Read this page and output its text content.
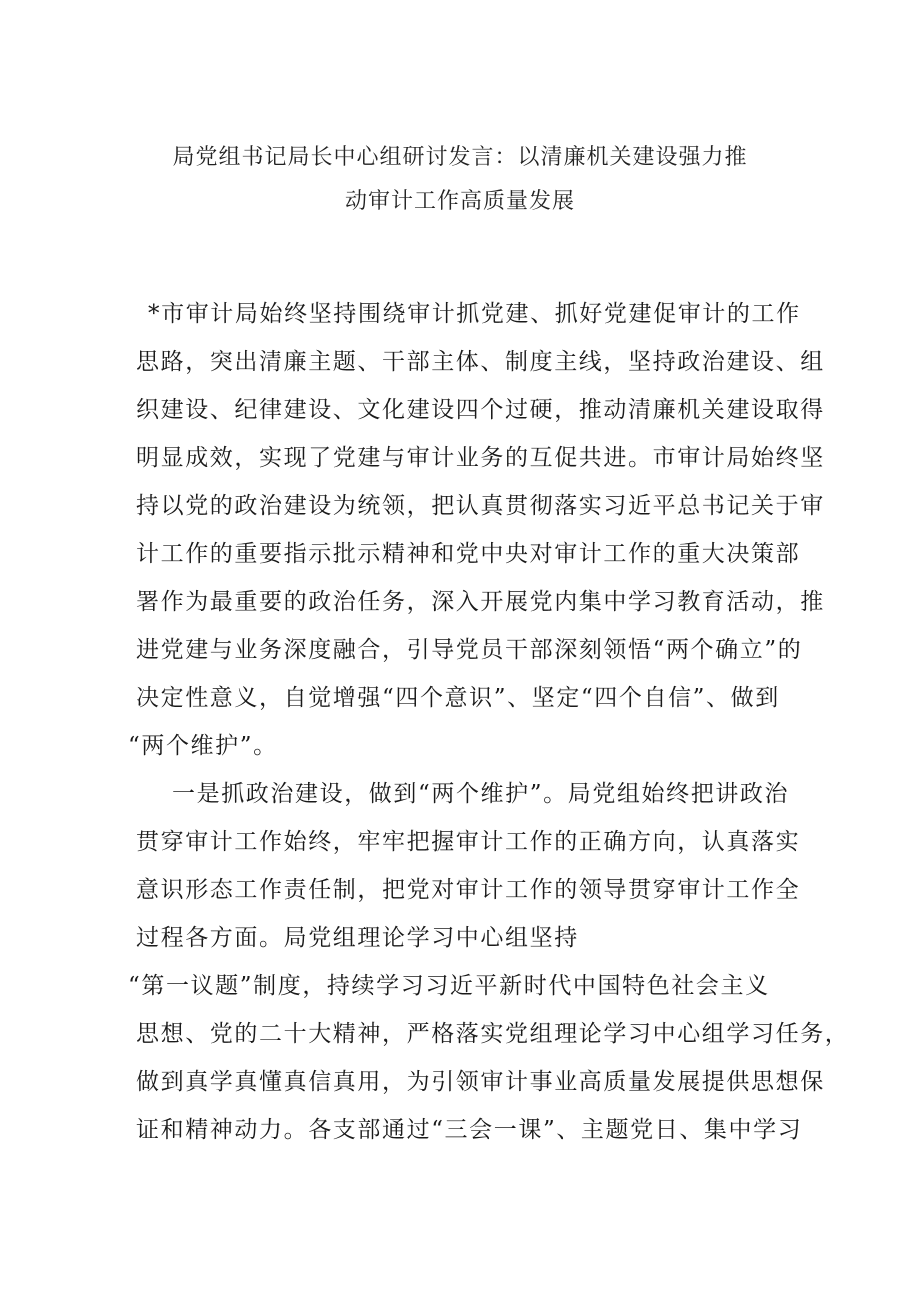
局党组书记局长中心组研讨发言：以清廉机关建设强力推
动审计工作高质量发展
*市审计局始终坚持围绕审计抓党建、抓好党建促审计的工作
思路，突出清廉主题、干部主体、制度主线，坚持政治建设、组
织建设、纪律建设、文化建设四个过硬，推动清廉机关建设取得
明显成效，实现了党建与审计业务的互促共进。市审计局始终坚
持以党的政治建设为统领，把认真贯彻落实习近平总书记关于审
计工作的重要指示批示精神和党中央对审计工作的重大决策部
署作为最重要的政治任务，深入开展党内集中学习教育活动，推
进党建与业务深度融合，引导党员干部深刻领悟“两个确立”的
决定性意义，自觉增强“四个意识”、坚定“四个自信”、做到
“两个维护”。
一是抓政治建设，做到“两个维护”。局党组始终把讲政治
贯穿审计工作始终，牢牢把握审计工作的正确方向，认真落实
意识形态工作责任制，把党对审计工作的领导贯穿审计工作全
过程各方面。局党组理论学习中心组坚持
“第一议题”制度，持续学习习近平新时代中国特色社会主义
思想、党的二十大精神，严格落实党组理论学习中心组学习任务，
做到真学真懂真信真用，为引领审计事业高质量发展提供思想保
证和精神动力。各支部通过“三会一课”、主题党日、集中学习
